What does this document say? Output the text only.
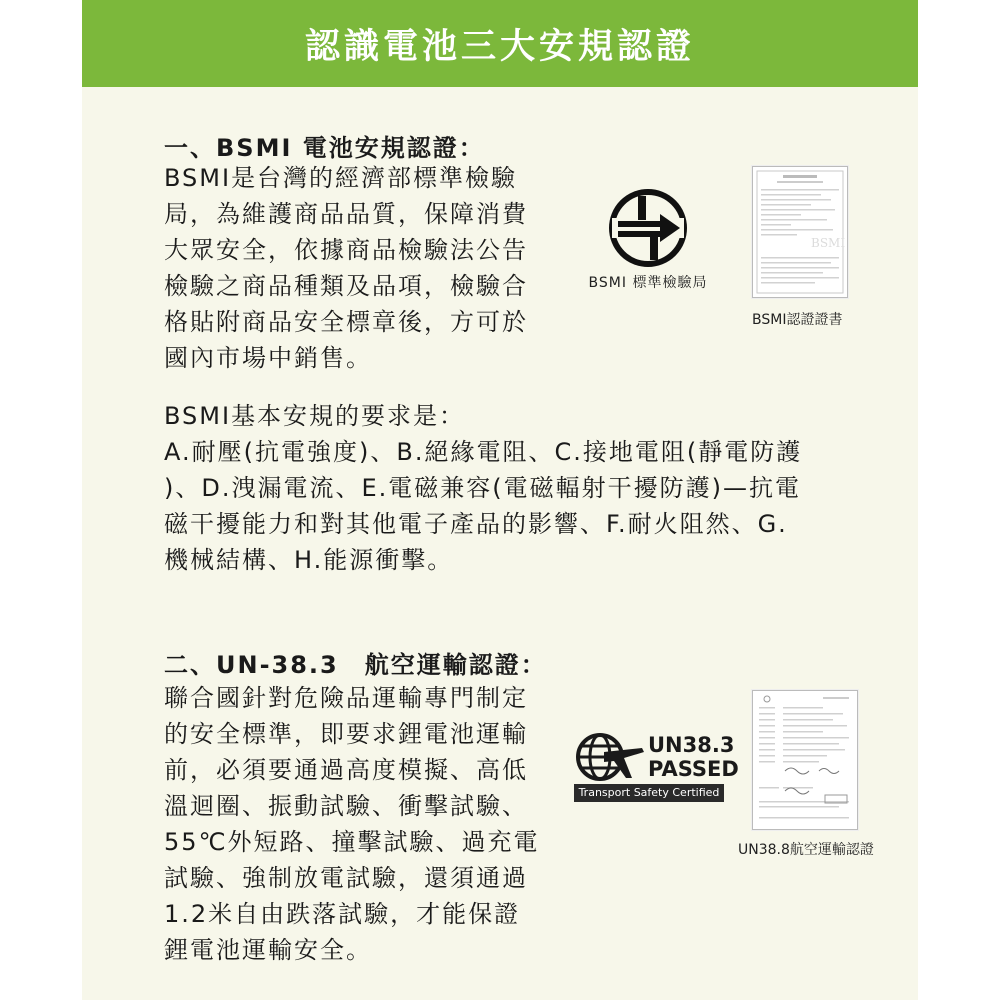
認識電池三大安規認證
一、BSMI 電池安規認證：
BSMI是台灣的經濟部標準檢驗
局，為維護商品品質，保障消費
大眾安全，依據商品檢驗法公告
檢驗之商品種類及品項，檢驗合
格貼附商品安全標章後，方可於
國內市場中銷售。
BSMI 標準檢驗局
BSMI
BSMI認證證書
BSMI基本安規的要求是：
A.耐壓(抗電強度)、B.絕緣電阻、C.接地電阻(靜電防護
)、D.洩漏電流、E.電磁兼容(電磁輻射干擾防護)—抗電
磁干擾能力和對其他電子產品的影響、F.耐火阻然、G.
機械結構、H.能源衝擊。
二、UN-38.3　航空運輸認證：
聯合國針對危險品運輸專門制定
的安全標準，即要求鋰電池運輸
前，必須要通過高度模擬、高低
溫迴圈、振動試驗、衝擊試驗、
55℃外短路、撞擊試驗、過充電
試驗、強制放電試驗，還須通過
1.2米自由跌落試驗，才能保證
鋰電池運輸安全。
UN38.3
PASSED
Transport Safety Certified
UN38.8航空運輸認證
